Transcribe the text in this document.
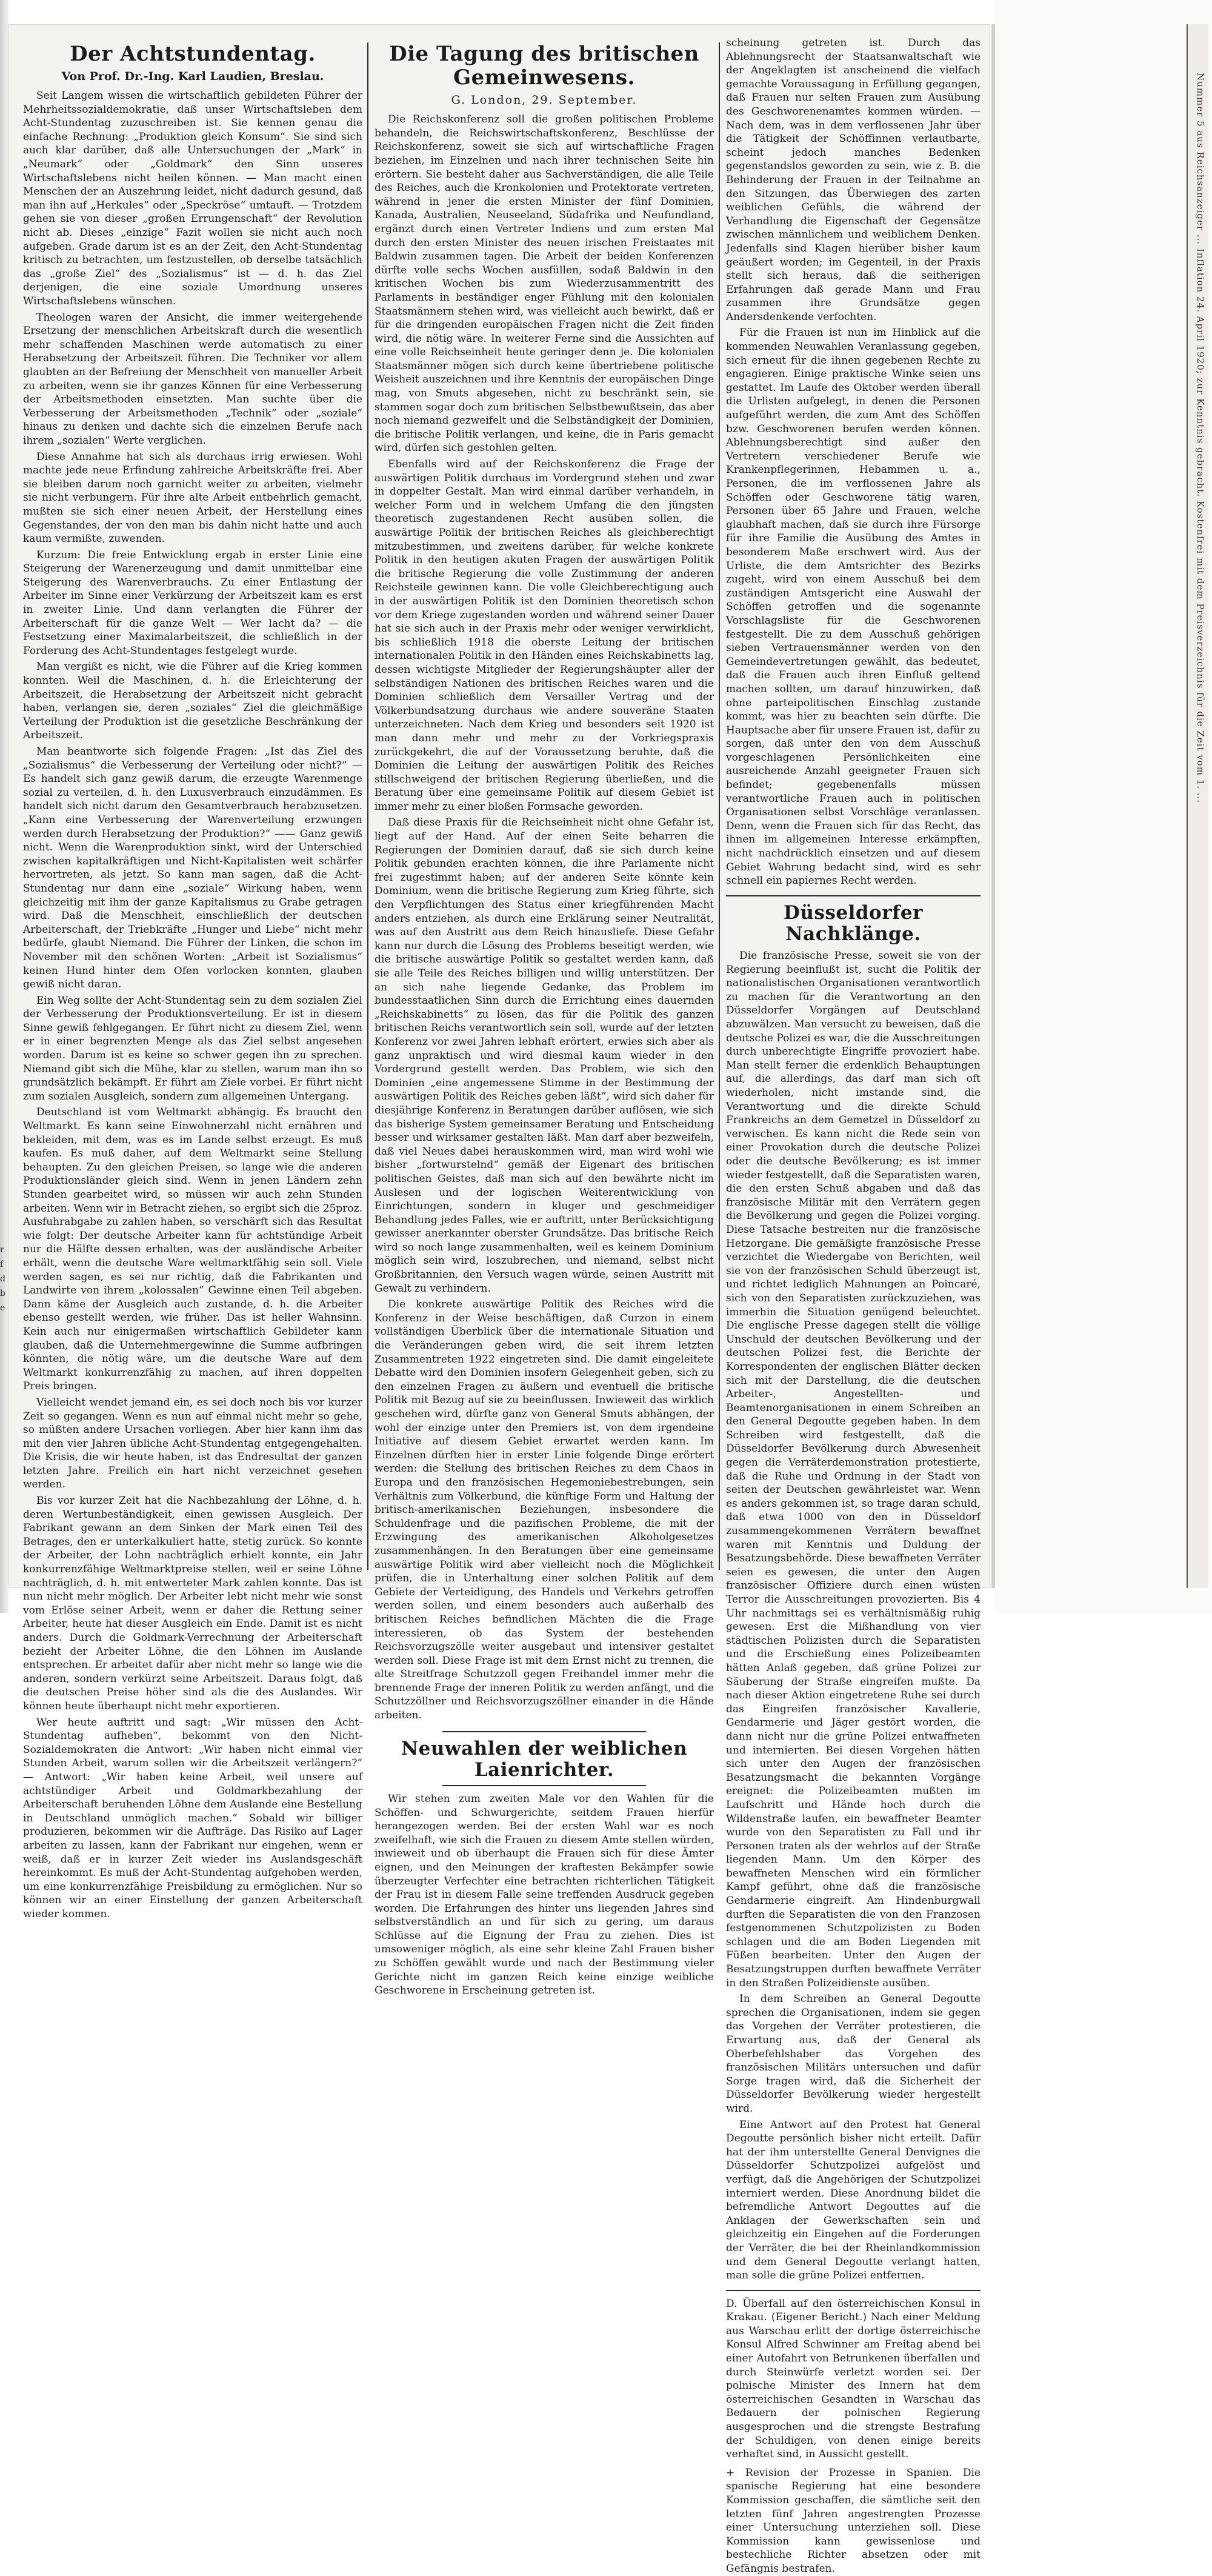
r
f
d
b
e
Der Achtstundentag.
Von Prof. Dr.-Ing. Karl Laudien, Breslau.

Seit Langem wissen die wirtschaftlich gebildeten Führer der Mehrheitssozialdemokratie, daß unser Wirtschaftsleben dem Acht-Stundentag zuzuschreiben ist. Sie kennen genau die einfache Rechnung: „Produktion gleich Konsum“. Sie sind sich auch klar darüber, daß alle Untersuchungen der „Mark“ in „Neumark“ oder „Goldmark“ den Sinn unseres Wirtschaftslebens nicht heilen können. — Man macht einen Menschen der an Auszehrung leidet, nicht dadurch gesund, daß man ihn auf „Herkules“ oder „Speckröse“ umtauft. — Trotzdem gehen sie von dieser „großen Errungenschaft“ der Revolution nicht ab. Dieses „einzige“ Fazit wollen sie nicht auch noch aufgeben. Grade darum ist es an der Zeit, den Acht-Stundentag kritisch zu betrachten, um festzustellen, ob derselbe tatsächlich das „große Ziel“ des „Sozialismus“ ist — d. h. das Ziel derjenigen, die eine soziale Umordnung unseres Wirtschaftslebens wünschen.

Theologen waren der Ansicht, die immer weitergehende Ersetzung der menschlichen Arbeitskraft durch die wesentlich mehr schaffenden Maschinen werde automatisch zu einer Herabsetzung der Arbeitszeit führen. Die Techniker vor allem glaubten an der Befreiung der Menschheit von manueller Arbeit zu arbeiten, wenn sie ihr ganzes Können für eine Verbesserung der Arbeitsmethoden einsetzten. Man suchte über die Verbesserung der Arbeitsmethoden „Technik“ oder „soziale“ hinaus zu denken und dachte sich die einzelnen Berufe nach ihrem „sozialen“ Werte verglichen.

Diese Annahme hat sich als durchaus irrig erwiesen. Wohl machte jede neue Erfindung zahlreiche Arbeitskräfte frei. Aber sie bleiben darum noch garnicht weiter zu arbeiten, vielmehr sie nicht verbungern. Für ihre alte Arbeit entbehrlich gemacht, mußten sie sich einer neuen Arbeit, der Herstellung eines Gegenstandes, der von den man bis dahin nicht hatte und auch kaum vermißte, zuwenden.

Kurzum: Die freie Entwicklung ergab in erster Linie eine Steigerung der Warenerzeugung und damit unmittelbar eine Steigerung des Warenverbrauchs. Zu einer Entlastung der Arbeiter im Sinne einer Verkürzung der Arbeitszeit kam es erst in zweiter Linie. Und dann verlangten die Führer der Arbeiterschaft für die ganze Welt — Wer lacht da? — die Festsetzung einer Maximalarbeitszeit, die schließlich in der Forderung des Acht-Stundentages festgelegt wurde.

Man vergißt es nicht, wie die Führer auf die Krieg kommen konnten. Weil die Maschinen, d. h. die Erleichterung der Arbeitszeit, die Herabsetzung der Arbeitszeit nicht gebracht haben, verlangen sie, deren „soziales“ Ziel die gleichmäßige Verteilung der Produktion ist die gesetzliche Beschränkung der Arbeitszeit.

Man beantworte sich folgende Fragen: „Ist das Ziel des „Sozialismus“ die Verbesserung der Verteilung oder nicht?“ — Es handelt sich ganz gewiß darum, die erzeugte Warenmenge sozial zu verteilen, d. h. den Luxusverbrauch einzudämmen. Es handelt sich nicht darum den Gesamtverbrauch herabzusetzen. „Kann eine Verbesserung der Warenverteilung erzwungen werden durch Herabsetzung der Produktion?“ —— Ganz gewiß nicht. Wenn die Warenproduktion sinkt, wird der Unterschied zwischen kapitalkräftigen und Nicht-Kapitalisten weit schärfer hervortreten, als jetzt. So kann man sagen, daß die Acht-Stundentag nur dann eine „soziale“ Wirkung haben, wenn gleichzeitig mit ihm der ganze Kapitalismus zu Grabe getragen wird. Daß die Menschheit, einschließlich der deutschen Arbeiterschaft, der Triebkräfte „Hunger und Liebe“ nicht mehr bedürfe, glaubt Niemand. Die Führer der Linken, die schon im November mit den schönen Worten: „Arbeit ist Sozialismus“ keinen Hund hinter dem Ofen vorlocken konnten, glauben gewiß nicht daran.

Ein Weg sollte der Acht-Stundentag sein zu dem sozialen Ziel der Verbesserung der Produktionsverteilung. Er ist in diesem Sinne gewiß fehlgegangen. Er führt nicht zu diesem Ziel, wenn er in einer begrenzten Menge als das Ziel selbst angesehen worden. Darum ist es keine so schwer gegen ihn zu sprechen. Niemand gibt sich die Mühe, klar zu stellen, warum man ihn so grundsätzlich bekämpft. Er führt am Ziele vorbei. Er führt nicht zum sozialen Ausgleich, sondern zum allgemeinen Untergang.

Deutschland ist vom Weltmarkt abhängig. Es braucht den Weltmarkt. Es kann seine Einwohnerzahl nicht ernähren und bekleiden, mit dem, was es im Lande selbst erzeugt. Es muß kaufen. Es muß daher, auf dem Weltmarkt seine Stellung behaupten. Zu den gleichen Preisen, so lange wie die anderen Produktionsländer gleich sind. Wenn in jenen Ländern zehn Stunden gearbeitet wird, so müssen wir auch zehn Stunden arbeiten. Wenn wir in Betracht ziehen, so ergibt sich die 25proz. Ausfuhrabgabe zu zahlen haben, so verschärft sich das Resultat wie folgt: Der deutsche Arbeiter kann für achtstündige Arbeit nur die Hälfte dessen erhalten, was der ausländische Arbeiter erhält, wenn die deutsche Ware weltmarktfähig sein soll. Viele werden sagen, es sei nur richtig, daß die Fabrikanten und Landwirte von ihrem „kolossalen“ Gewinne einen Teil abgeben. Dann käme der Ausgleich auch zustande, d. h. die Arbeiter ebenso gestellt werden, wie früher. Das ist heller Wahnsinn. Kein auch nur einigermaßen wirtschaftlich Gebildeter kann glauben, daß die Unternehmergewinne die Summe aufbringen könnten, die nötig wäre, um die deutsche Ware auf dem Weltmarkt konkurrenzfähig zu machen, auf ihren doppelten Preis bringen.

Vielleicht wendet jemand ein, es sei doch noch bis vor kurzer Zeit so gegangen. Wenn es nun auf einmal nicht mehr so gehe, so müßten andere Ursachen vorliegen. Aber hier kann ihm das mit den vier Jahren übliche Acht-Stundentag entgegengehalten. Die Krisis, die wir heute haben, ist das Endresultat der ganzen letzten Jahre. Freilich ein hart nicht verzeichnet gesehen werden.

Bis vor kurzer Zeit hat die Nachbezahlung der Löhne, d. h. deren Wertunbeständigkeit, einen gewissen Ausgleich. Der Fabrikant gewann an dem Sinken der Mark einen Teil des Betrages, den er unterkalkuliert hatte, stetig zurück. So konnte der Arbeiter, der Lohn nachträglich erhielt konnte, ein Jahr konkurrenzfähige Weltmarktpreise stellen, weil er seine Löhne nachträglich, d. h. mit entwerteter Mark zahlen konnte. Das ist nun nicht mehr möglich. Der Arbeiter lebt nicht mehr wie sonst vom Erlöse seiner Arbeit, wenn er daher die Rettung seiner Arbeiter, heute hat dieser Ausgleich ein Ende. Damit ist es nicht anders. Durch die Goldmark-Verrechnung der Arbeiterschaft bezieht der Arbeiter Löhne, die den Löhnen im Auslande entsprechen. Er arbeitet dafür aber nicht mehr so lange wie die anderen, sondern verkürzt seine Arbeitszeit. Daraus folgt, daß die deutschen Preise höher sind als die des Auslandes. Wir können heute überhaupt nicht mehr exportieren.

Wer heute auftritt und sagt: „Wir müssen den Acht-Stundentag aufheben“, bekommt von den Nicht-Sozialdemokraten die Antwort: „Wir haben nicht einmal vier Stunden Arbeit, warum sollen wir die Arbeitszeit verlängern?“ — Antwort: „Wir haben keine Arbeit, weil unsere auf achtstündiger Arbeit und Goldmarkbezahlung der Arbeiterschaft beruhenden Löhne dem Auslande eine Bestellung in Deutschland unmöglich machen.“ Sobald wir billiger produzieren, bekommen wir die Aufträge. Das Risiko auf Lager arbeiten zu lassen, kann der Fabrikant nur eingehen, wenn er weiß, daß er in kurzer Zeit wieder ins Auslandsgeschäft hereinkommt. Es muß der Acht-Stundentag aufgehoben werden, um eine konkurrenzfähige Preisbildung zu ermöglichen. Nur so können wir an einer Einstellung der ganzen Arbeiterschaft wieder kommen.

Die Tagung des britischen Gemeinwesens.
G. London, 29. September.

Die Reichskonferenz soll die großen politischen Probleme behandeln, die Reichswirtschaftskonferenz, Beschlüsse der Reichskonferenz, soweit sie sich auf wirtschaftliche Fragen beziehen, im Einzelnen und nach ihrer technischen Seite hin erörtern. Sie besteht daher aus Sachverständigen, die alle Teile des Reiches, auch die Kronkolonien und Protektorate vertreten, während in jener die ersten Minister der fünf Dominien, Kanada, Australien, Neuseeland, Südafrika und Neufundland, ergänzt durch einen Vertreter Indiens und zum ersten Mal durch den ersten Minister des neuen irischen Freistaates mit Baldwin zusammen tagen. Die Arbeit der beiden Konferenzen dürfte volle sechs Wochen ausfüllen, sodaß Baldwin in den kritischen Wochen bis zum Wiederzusammentritt des Parlaments in beständiger enger Fühlung mit den kolonialen Staatsmännern stehen wird, was vielleicht auch bewirkt, daß er für die dringenden europäischen Fragen nicht die Zeit finden wird, die nötig wäre. In weiterer Ferne sind die Aussichten auf eine volle Reichseinheit heute geringer denn je. Die kolonialen Staatsmänner mögen sich durch keine übertriebene politische Weisheit auszeichnen und ihre Kenntnis der europäischen Dinge mag, von Smuts abgesehen, nicht zu beschränkt sein, sie stammen sogar doch zum britischen Selbstbewußtsein, das aber noch niemand gezweifelt und die Selbständigkeit der Dominien, die britische Politik verlangen, und keine, die in Paris gemacht wird, dürfen sich gestohlen gelten.

Ebenfalls wird auf der Reichskonferenz die Frage der auswärtigen Politik durchaus im Vordergrund stehen und zwar in doppelter Gestalt. Man wird einmal darüber verhandeln, in welcher Form und in welchem Umfang die den jüngsten theoretisch zugestandenen Recht ausüben sollen, die auswärtige Politik der britischen Reiches als gleichberechtigt mitzubestimmen, und zweitens darüber, für welche konkrete Politik in den heutigen akuten Fragen der auswärtigen Politik die britische Regierung die volle Zustimmung der anderen Reichsteile gewinnen kann. Die volle Gleichberechtigung auch in der auswärtigen Politik ist den Dominien theoretisch schon vor dem Kriege zugestanden worden und während seiner Dauer hat sie sich auch in der Praxis mehr oder weniger verwirklicht, bis schließlich 1918 die oberste Leitung der britischen internationalen Politik in den Händen eines Reichskabinetts lag, dessen wichtigste Mitglieder der Regierungshäupter aller der selbständigen Nationen des britischen Reiches waren und die Dominien schließlich dem Versailler Vertrag und der Völkerbundsatzung durchaus wie andere souveräne Staaten unterzeichneten. Nach dem Krieg und besonders seit 1920 ist man dann mehr und mehr zu der Vorkriegspraxis zurückgekehrt, die auf der Voraussetzung beruhte, daß die Dominien die Leitung der auswärtigen Politik des Reiches stillschweigend der britischen Regierung überließen, und die Beratung über eine gemeinsame Politik auf diesem Gebiet ist immer mehr zu einer bloßen Formsache geworden.

Daß diese Praxis für die Reichseinheit nicht ohne Gefahr ist, liegt auf der Hand. Auf der einen Seite beharren die Regierungen der Dominien darauf, daß sie sich durch keine Politik gebunden erachten können, die ihre Parlamente nicht frei zugestimmt haben; auf der anderen Seite könnte kein Dominium, wenn die britische Regierung zum Krieg führte, sich den Verpflichtungen des Status einer kriegführenden Macht anders entziehen, als durch eine Erklärung seiner Neutralität, was auf den Austritt aus dem Reich hinausliefe. Diese Gefahr kann nur durch die Lösung des Problems beseitigt werden, wie die britische auswärtige Politik so gestaltet werden kann, daß sie alle Teile des Reiches billigen und willig unterstützen. Der an sich nahe liegende Gedanke, das Problem im bundesstaatlichen Sinn durch die Errichtung eines dauernden „Reichskabinetts“ zu lösen, das für die Politik des ganzen britischen Reichs verantwortlich sein soll, wurde auf der letzten Konferenz vor zwei Jahren lebhaft erörtert, erwies sich aber als ganz unpraktisch und wird diesmal kaum wieder in den Vordergrund gestellt werden. Das Problem, wie sich den Dominien „eine angemessene Stimme in der Bestimmung der auswärtigen Politik des Reiches geben läßt“, wird sich daher für diesjährige Konferenz in Beratungen darüber auflösen, wie sich das bisherige System gemeinsamer Beratung und Entscheidung besser und wirksamer gestalten läßt. Man darf aber bezweifeln, daß viel Neues dabei herauskommen wird, man wird wohl wie bisher „fortwurstelnd“ gemäß der Eigenart des britischen politischen Geistes, daß man sich auf den bewährte nicht im Auslesen und der logischen Weiterentwicklung von Einrichtungen, sondern in kluger und geschmeidiger Behandlung jedes Falles, wie er auftritt, unter Berücksichtigung gewisser anerkannter oberster Grundsätze. Das britische Reich wird so noch lange zusammenhalten, weil es keinem Dominium möglich sein wird, loszubrechen, und niemand, selbst nicht Großbritannien, den Versuch wagen würde, seinen Austritt mit Gewalt zu verhindern.

Die konkrete auswärtige Politik des Reiches wird die Konferenz in der Weise beschäftigen, daß Curzon in einem vollständigen Überblick über die internationale Situation und die Veränderungen geben wird, die seit ihrem letzten Zusammentreten 1922 eingetreten sind. Die damit eingeleitete Debatte wird den Dominien insofern Gelegenheit geben, sich zu den einzelnen Fragen zu äußern und eventuell die britische Politik mit Bezug auf sie zu beeinflussen. Inwieweit das wirklich geschehen wird, dürfte ganz von General Smuts abhängen, der wohl der einzige unter den Premiers ist, von dem irgendeine Initiative auf diesem Gebiet erwartet werden kann. Im Einzelnen dürften hier in erster Linie folgende Dinge erörtert werden: die Stellung des britischen Reiches zu dem Chaos in Europa und den französischen Hegemoniebestrebungen, sein Verhältnis zum Völkerbund, die künftige Form und Haltung der britisch-amerikanischen Beziehungen, insbesondere die Schuldenfrage und die pazifischen Probleme, die mit der Erzwingung des amerikanischen Alkoholgesetzes zusammenhängen. In den Beratungen über eine gemeinsame auswärtige Politik wird aber vielleicht noch die Möglichkeit prüfen, die in Unterhaltung einer solchen Politik auf dem Gebiete der Verteidigung, des Handels und Verkehrs getroffen werden sollen, und einem besonders auch außerhalb des britischen Reiches befindlichen Mächten die die Frage interessieren, ob das System der bestehenden Reichsvorzugszölle weiter ausgebaut und intensiver gestaltet werden soll. Diese Frage ist mit dem Ernst nicht zu trennen, die alte Streitfrage Schutzzoll gegen Freihandel immer mehr die brennende Frage der inneren Politik zu werden anfängt, und die Schutzzöllner und Reichsvorzugszöllner einander in die Hände arbeiten.

Neuwahlen der weiblichen Laienrichter.

Wir stehen zum zweiten Male vor den Wahlen für die Schöffen- und Schwurgerichte, seitdem Frauen hierfür herangezogen werden. Bei der ersten Wahl war es noch zweifelhaft, wie sich die Frauen zu diesem Amte stellen würden, inwieweit und ob überhaupt die Frauen sich für diese Ämter eignen, und den Meinungen der kraftesten Bekämpfer sowie überzeugter Verfechter eine betrachten richterlichen Tätigkeit der Frau ist in diesem Falle seine treffenden Ausdruck gegeben worden. Die Erfahrungen des hinter uns liegenden Jahres sind selbstverständlich an und für sich zu gering, um daraus Schlüsse auf die Eignung der Frau zu ziehen. Dies ist umsoweniger möglich, als eine sehr kleine Zahl Frauen bisher zu Schöffen gewählt wurde und nach der Bestimmung vieler Gerichte nicht im ganzen Reich keine einzige weibliche Geschworene in Erscheinung getreten ist.

scheinung getreten ist. Durch das Ablehnungsrecht der Staatsanwaltschaft wie der Angeklagten ist anscheinend die vielfach gemachte Voraussagung in Erfüllung gegangen, daß Frauen nur selten Frauen zum Ausübung des Geschworenenamtes kommen würden. — Nach dem, was in dem verflossenen Jahr über die Tätigkeit der Schöffinnen verlautbarte, scheint jedoch manches Bedenken gegenstandslos geworden zu sein, wie z. B. die Behinderung der Frauen in der Teilnahme an den Sitzungen, das Überwiegen des zarten weiblichen Gefühls, die während der Verhandlung die Eigenschaft der Gegensätze zwischen männlichem und weiblichem Denken. Jedenfalls sind Klagen hierüber bisher kaum geäußert worden; im Gegenteil, in der Praxis stellt sich heraus, daß die seitherigen Erfahrungen daß gerade Mann und Frau zusammen ihre Grundsätze gegen Andersdenkende verfochten.

Für die Frauen ist nun im Hinblick auf die kommenden Neuwahlen Veranlassung gegeben, sich erneut für die ihnen gegebenen Rechte zu engagieren. Einige praktische Winke seien uns gestattet. Im Laufe des Oktober werden überall die Urlisten aufgelegt, in denen die Personen aufgeführt werden, die zum Amt des Schöffen bzw. Geschworenen berufen werden können. Ablehnungsberechtigt sind außer den Vertretern verschiedener Berufe wie Krankenpflegerinnen, Hebammen u. a., Personen, die im verflossenen Jahre als Schöffen oder Geschworene tätig waren, Personen über 65 Jahre und Frauen, welche glaubhaft machen, daß sie durch ihre Fürsorge für ihre Familie die Ausübung des Amtes in besonderem Maße erschwert wird. Aus der Urliste, die dem Amtsrichter des Bezirks zugeht, wird von einem Ausschuß bei dem zuständigen Amtsgericht eine Auswahl der Schöffen getroffen und die sogenannte Vorschlagsliste für die Geschworenen festgestellt. Die zu dem Ausschuß gehörigen sieben Vertrauensmänner werden von den Gemeindevertretungen gewählt, das bedeutet, daß die Frauen auch ihren Einfluß geltend machen sollten, um darauf hinzuwirken, daß ohne parteipolitischen Einschlag zustande kommt, was hier zu beachten sein dürfte. Die Hauptsache aber für unsere Frauen ist, dafür zu sorgen, daß unter den von dem Ausschuß vorgeschlagenen Persönlichkeiten eine ausreichende Anzahl geeigneter Frauen sich befindet; gegebenenfalls müssen verantwortliche Frauen auch in politischen Organisationen selbst Vorschläge veranlassen. Denn, wenn die Frauen sich für das Recht, das ihnen im allgemeinen Interesse erkämpften, nicht nachdrücklich einsetzen und auf diesem Gebiet Wahrung bedacht sind, wird es sehr schnell ein papiernes Recht werden.

Düsseldorfer Nachklänge.

Die französische Presse, soweit sie von der Regierung beeinflußt ist, sucht die Politik der nationalistischen Organisationen verantwortlich zu machen für die Verantwortung an den Düsseldorfer Vorgängen auf Deutschland abzuwälzen. Man versucht zu beweisen, daß die deutsche Polizei es war, die die Ausschreitungen durch unberechtigte Eingriffe provoziert habe. Man stellt ferner die erdenklich Behauptungen auf, die allerdings, das darf man sich oft wiederholen, nicht imstande sind, die Verantwortung und die direkte Schuld Frankreichs an dem Gemetzel in Düsseldorf zu verwischen. Es kann nicht die Rede sein von einer Provokation durch die deutsche Polizei oder die deutsche Bevölkerung; es ist immer wieder festgestellt, daß die Separatisten waren, die den ersten Schuß abgaben und daß das französische Militär mit den Verrätern gegen die Bevölkerung und gegen die Polizei vorging. Diese Tatsache bestreiten nur die französische Hetzorgane. Die gemäßigte französische Presse verzichtet die Wiedergabe von Berichten, weil sie von der französischen Schuld überzeugt ist, und richtet lediglich Mahnungen an Poincaré, sich von den Separatisten zurückzuziehen, was immerhin die Situation genügend beleuchtet. Die englische Presse dagegen stellt die völlige Unschuld der deutschen Bevölkerung und der deutschen Polizei fest, die Berichte der Korrespondenten der englischen Blätter decken sich mit der Darstellung, die die deutschen Arbeiter-, Angestellten- und Beamtenorganisationen in einem Schreiben an den General Degoutte gegeben haben. In dem Schreiben wird festgestellt, daß die Düsseldorfer Bevölkerung durch Abwesenheit gegen die Verräterdemonstration protestierte, daß die Ruhe und Ordnung in der Stadt von seiten der Deutschen gewährleistet war. Wenn es anders gekommen ist, so trage daran schuld, daß etwa 1000 von den in Düsseldorf zusammengekommenen Verrätern bewaffnet waren mit Kenntnis und Duldung der Besatzungsbehörde. Diese bewaffneten Verräter seien es gewesen, die unter den Augen französischer Offiziere durch einen wüsten Terror die Ausschreitungen provozierten. Bis 4 Uhr nachmittags sei es verhältnismäßig ruhig gewesen. Erst die Mißhandlung von vier städtischen Polizisten durch die Separatisten und die Erschießung eines Polizeibeamten hätten Anlaß gegeben, daß grüne Polizei zur Säuberung der Straße eingreifen mußte. Da nach dieser Aktion eingetretene Ruhe sei durch das Eingreifen französischer Kavallerie, Gendarmerie und Jäger gestört worden, die dann nicht nur die grüne Polizei entwaffneten und internierten. Bei diesen Vorgehen hätten sich unter den Augen der französischen Besatzungsmacht die bekannten Vorgänge ereignet: die Polizeibeamten mußten im Laufschritt und Hände hoch durch die Wildenstraße laufen, ein bewaffneter Beamter wurde von den Separatisten zu Fall und ihr Personen traten als der wehrlos auf der Straße liegenden Mann. Um den Körper des bewaffneten Menschen wird ein förmlicher Kampf geführt, ohne daß die französische Gendarmerie eingreift. Am Hindenburgwall durften die Separatisten die von den Franzosen festgenommenen Schutzpolizisten zu Boden schlagen und die am Boden Liegenden mit Füßen bearbeiten. Unter den Augen der Besatzungstruppen durften bewaffnete Verräter in den Straßen Polizeidienste ausüben.

In dem Schreiben an General Degoutte sprechen die Organisationen, indem sie gegen das Vorgehen der Verräter protestieren, die Erwartung aus, daß der General als Oberbefehlshaber das Vorgehen des französischen Militärs untersuchen und dafür Sorge tragen wird, daß die Sicherheit der Düsseldorfer Bevölkerung wieder hergestellt wird.

Eine Antwort auf den Protest hat General Degoutte persönlich bisher nicht erteilt. Dafür hat der ihm unterstellte General Denvignes die Düsseldorfer Schutzpolizei aufgelöst und verfügt, daß die Angehörigen der Schutzpolizei interniert werden. Diese Anordnung bildet die befremdliche Antwort Degouttes auf die Anklagen der Gewerkschaften sein und gleichzeitig ein Eingehen auf die Forderungen der Verräter, die bei der Rheinlandkommission und dem General Degoutte verlangt hatten, man solle die grüne Polizei entfernen.

D. Überfall auf den österreichischen Konsul in Krakau. (Eigener Bericht.) Nach einer Meldung aus Warschau erlitt der dortige österreichische Konsul Alfred Schwinner am Freitag abend bei einer Autofahrt von Betrunkenen überfallen und durch Steinwürfe verletzt worden sei. Der polnische Minister des Innern hat dem österreichischen Gesandten in Warschau das Bedauern der polnischen Regierung ausgesprochen und die strengste Bestrafung der Schuldigen, von denen einige bereits verhaftet sind, in Aussicht gestellt.

+ Revision der Prozesse in Spanien. Die spanische Regierung hat eine besondere Kommission geschaffen, die sämtliche seit den letzten fünf Jahren angestrengten Prozesse einer Untersuchung unterziehen soll. Diese Kommission kann gewissenlose und bestechliche Richter absetzen oder mit Gefängnis bestrafen.

Nummer 5 aus Reichsanzeiger ... Inflation 24. April 1920; zur Kenntnis gebracht. Kostenfrei mit dem Preisverzeichnis für die Zeit vom 1. ...
